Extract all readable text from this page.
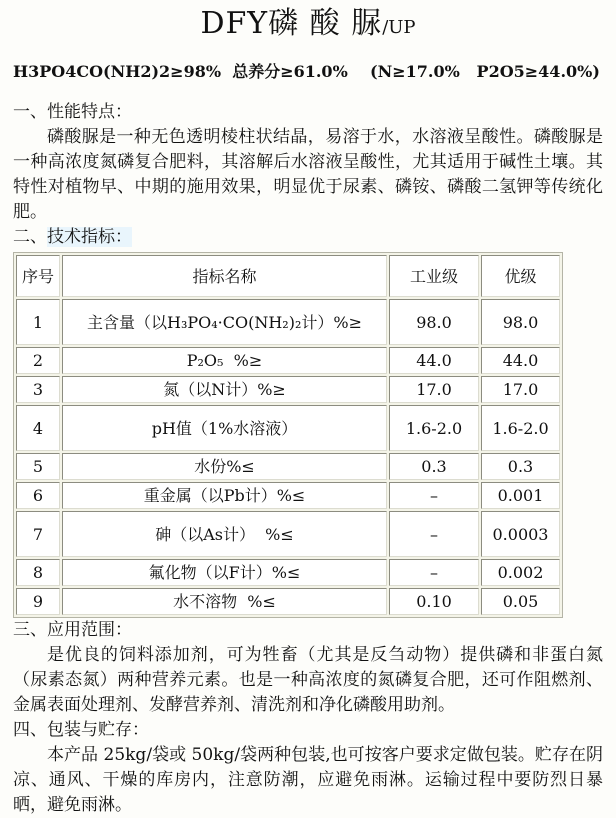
DFY磷 酸 脲/UP
H3PO4CO(NH2)2≥98%  总养分≥61.0%    (N≥17.0%   P2O5≥44.0%)
一、性能特点：

磷酸脲是一种无色透明棱柱状结晶，易溶于水，水溶液呈酸性。磷酸脲是一种高浓度氮磷复合肥料，其溶解后水溶液呈酸性，尤其适用于碱性土壤。其特性对植物早、中期的施用效果，明显优于尿素、磷铵、磷酸二氢钾等传统化肥。

二、技术指标：
序号	指标名称	工业级	优级
1	主含量（以H₃PO₄·CO(NH₂)₂计）%≥	98.0	98.0
2	P₂O₅  %≥	44.0	44.0
3	氮（以N计）%≥	17.0	17.0
4	pH值（1%水溶液）	1.6-2.0	1.6-2.0
5	水份%≤	0.3	0.3
6	重金属（以Pb计）%≤	–	0.001
7	砷（以As计）  %≤	–	0.0003
8	氟化物（以F计）%≤	–	0.002
9	水不溶物  %≤	0.10	0.05
三、应用范围：

是优良的饲料添加剂，可为牲畜（尤其是反刍动物）提供磷和非蛋白氮（尿素态氮）两种营养元素。也是一种高浓度的氮磷复合肥，还可作阻燃剂、金属表面处理剂、发酵营养剂、清洗剂和净化磷酸用助剂。

四、包装与贮存：

本产品 25kg/袋或 50kg/袋两种包装,也可按客户要求定做包装。贮存在阴凉、通风、干燥的库房内，注意防潮，应避免雨淋。运输过程中要防烈日暴晒，避免雨淋。
